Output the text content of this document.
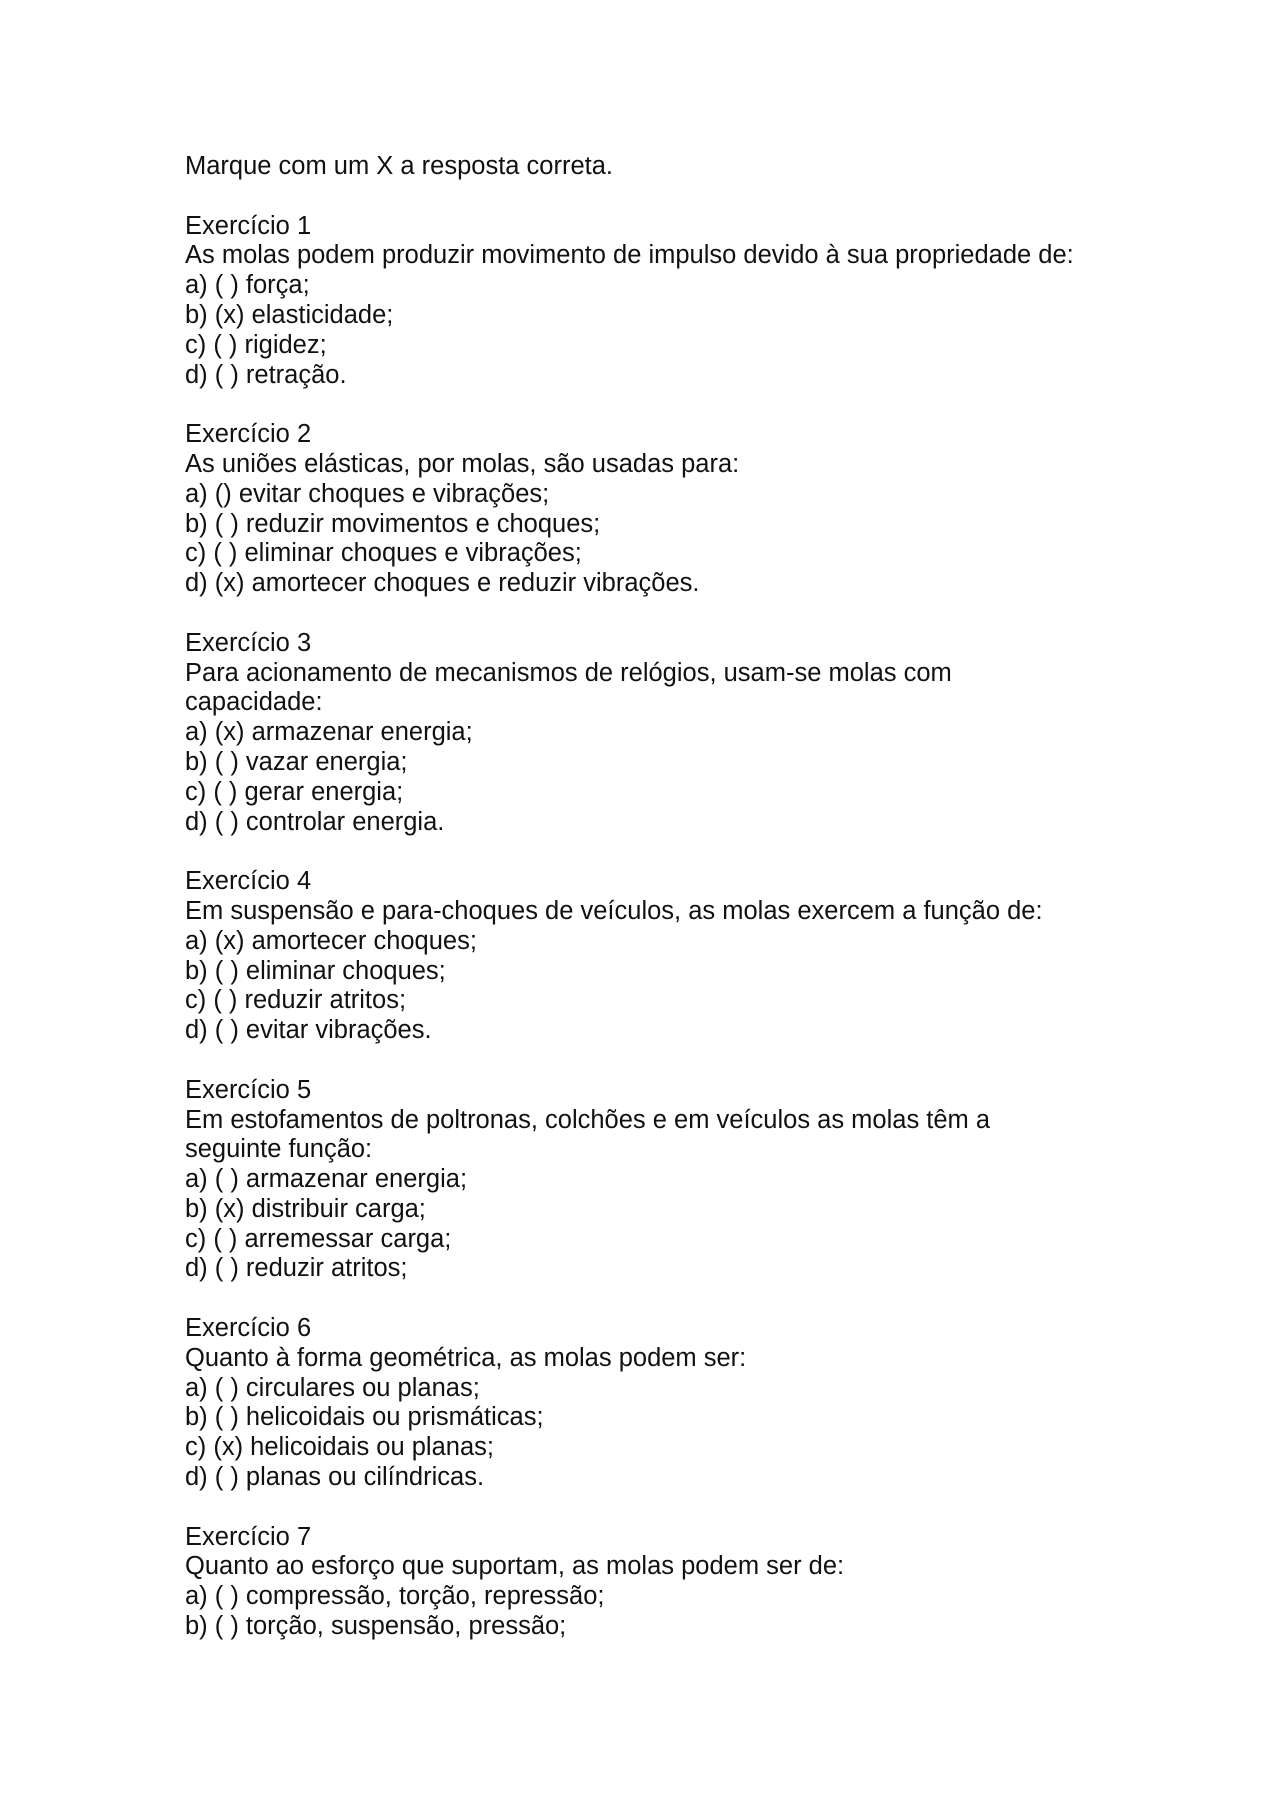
Marque com um X a resposta correta.
Exercício 1
As molas podem produzir movimento de impulso devido à sua propriedade de:
a) ( ) força;
b) (x) elasticidade;
c) ( ) rigidez;
d) ( ) retração.
Exercício 2
As uniões elásticas, por molas, são usadas para:
a) () evitar choques e vibrações;
b) ( ) reduzir movimentos e choques;
c) ( ) eliminar choques e vibrações;
d) (x) amortecer choques e reduzir vibrações.
Exercício 3
Para acionamento de mecanismos de relógios, usam-se molas com
capacidade:
a) (x) armazenar energia;
b) ( ) vazar energia;
c) ( ) gerar energia;
d) ( ) controlar energia.
Exercício 4
Em suspensão e para-choques de veículos, as molas exercem a função de:
a) (x) amortecer choques;
b) ( ) eliminar choques;
c) ( ) reduzir atritos;
d) ( ) evitar vibrações.
Exercício 5
Em estofamentos de poltronas, colchões e em veículos as molas têm a
seguinte função:
a) ( ) armazenar energia;
b) (x) distribuir carga;
c) ( ) arremessar carga;
d) ( ) reduzir atritos;
Exercício 6
Quanto à forma geométrica, as molas podem ser:
a) ( ) circulares ou planas;
b) ( ) helicoidais ou prismáticas;
c) (x) helicoidais ou planas;
d) ( ) planas ou cilíndricas.
Exercício 7
Quanto ao esforço que suportam, as molas podem ser de:
a) ( ) compressão, torção, repressão;
b) ( ) torção, suspensão, pressão;
